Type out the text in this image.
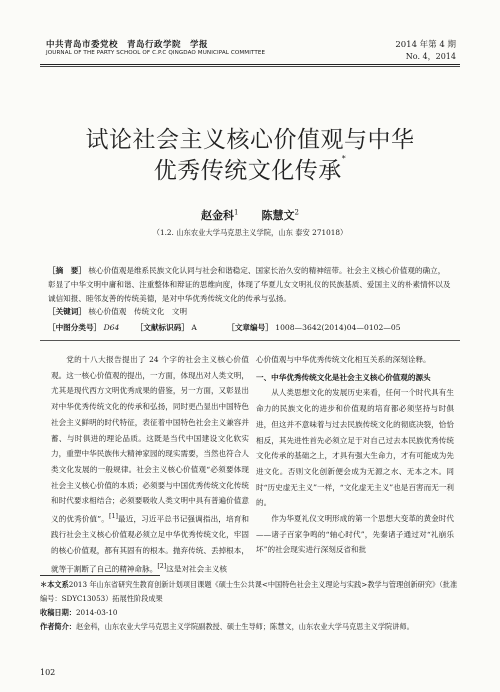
中共青岛市委党校　青岛行政学院　学报
JOURNAL OF THE PARTY SCHOOL OF C.P.C QINGDAO MUNICIPAL COMMITTEE
2014 年第 4 期
No. 4，2014
试论社会主义核心价值观与中华
优秀传统文化传承*
赵金科$^1$ 陈慧文$^2$
（1.2. 山东农业大学马克思主义学院，山东 泰安 271018）
［摘　要］ 核心价值观是维系民族文化认同与社会和谐稳定、国家长治久安的精神纽带。社会主义核心价值观的确立，彰显了中华文明中庸和谐、注重整体和辩证的思维向度，体现了华夏儿女文明礼仪的民族基质、爱国主义的朴素情怀以及诚信知报、睦邻友善的传统美德，是对中华优秀传统文化的传承与弘扬。
［关键词］ 核心价值观　传统文化　文明
［中图分类号］ D64 ［文献标识码］ A	［文章编号］ 1008—3642(2014)04—0102—05

党的十八大报告提出了 24 个字的社会主义核心价值观。这一核心价值观的提出，一方面，体现出对人类文明，尤其是现代西方文明优秀成果的借鉴，另一方面，又彰显出对中华优秀传统文化的传承和弘扬，同时更凸显出中国特色社会主义鲜明的时代特征，表征着中国特色社会主义兼容并蓄、与时俱进的理论品质。这既是当代中国建设文化软实力，重塑中华民族伟大精神家园的现实需要，当然也符合人类文化发展的一般规律。社会主义核心价值观“必须要体现社会主义核心价值的本质；必须要与中国优秀传统文化传统和时代要求相结合；必须要吸收人类文明中具有普遍价值意义的优秀价值”。[1]最近，习近平总书记强调指出，培育和践行社会主义核心价值观必须立足中华优秀传统文化，牢固的核心价值观，都有其固有的根本。抛弃传统、丢掉根本，就等于割断了自己的精神命脉。[2]这是对社会主义核

心价值观与中华优秀传统文化相互关系的深刻诠释。

一、中华优秀传统文化是社会主义核心价值观的源头

从人类思想文化的发展历史来看，任何一个时代具有生命力的民族文化的进步和价值观的培育都必须坚持与时俱进，但这并不意味着与过去民族传统文化的彻底决裂，恰恰相反，其先进性首先必须立足于对自己过去本民族优秀传统文化传承的基础之上，才具有强大生命力，才有可能成为先进文化。否则文化创新便会成为无源之水、无本之木。同时“历史虚无主义”一样，“文化虚无主义”也是百害而无一利的。

作为华夏礼仪文明形成的第一个思想大变革的黄金时代——诸子百家争鸣的“轴心时代”，先秦诸子通过对“礼崩乐坏”的社会现实进行深刻反省和批

＊本文系2013 年山东省研究生教育创新计划项目课题《硕士生公共课<中国特色社会主义理论与实践>教学与管理创新研究》（批准编号：SDYC13053）拓展性阶段成果
收稿日期：2014-03-10
作者简介：赵金科，山东农业大学马克思主义学院副教授、硕士生导师；陈慧文，山东农业大学马克思主义学院讲师。
102
